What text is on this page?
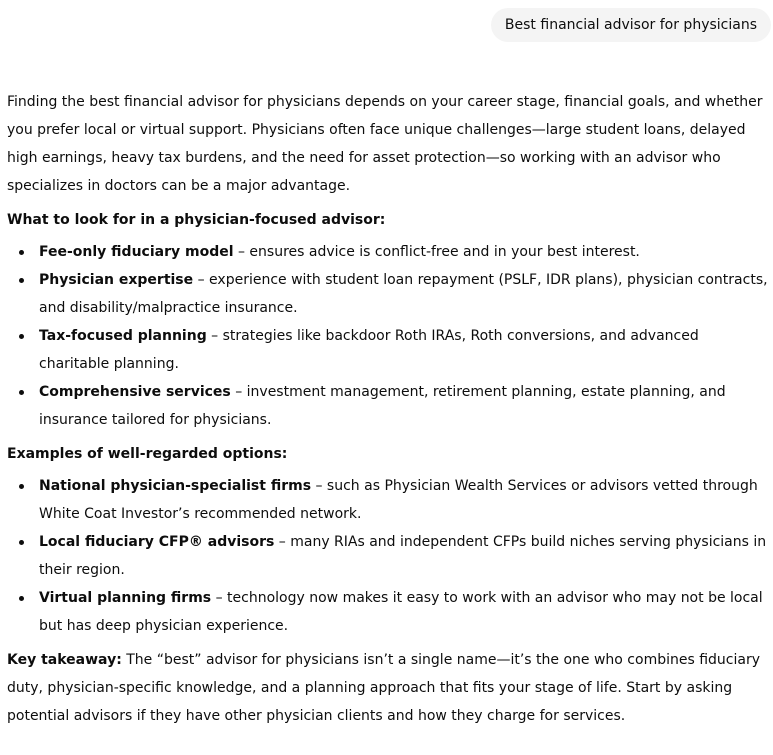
Best financial advisor for physicians

Finding the best financial advisor for physicians depends on your career stage, financial goals, and whether you prefer local or virtual support. Physicians often face unique challenges—large student loans, delayed high earnings, heavy tax burdens, and the need for asset protection—so working with an advisor who specializes in doctors can be a major advantage.

What to look for in a physician-focused advisor:

Fee-only fiduciary model – ensures advice is conflict-free and in your best interest.
Physician expertise – experience with student loan repayment (PSLF, IDR plans), physician contracts, and disability/malpractice insurance.
Tax-focused planning – strategies like backdoor Roth IRAs, Roth conversions, and advanced charitable planning.
Comprehensive services – investment management, retirement planning, estate planning, and insurance tailored for physicians.

Examples of well-regarded options:

National physician-specialist firms – such as Physician Wealth Services or advisors vetted through White Coat Investor’s recommended network.
Local fiduciary CFP® advisors – many RIAs and independent CFPs build niches serving physicians in their region.
Virtual planning firms – technology now makes it easy to work with an advisor who may not be local but has deep physician experience.

Key takeaway: The “best” advisor for physicians isn’t a single name—it’s the one who combines fiduciary duty, physician-specific knowledge, and a planning approach that fits your stage of life. Start by asking potential advisors if they have other physician clients and how they charge for services.
